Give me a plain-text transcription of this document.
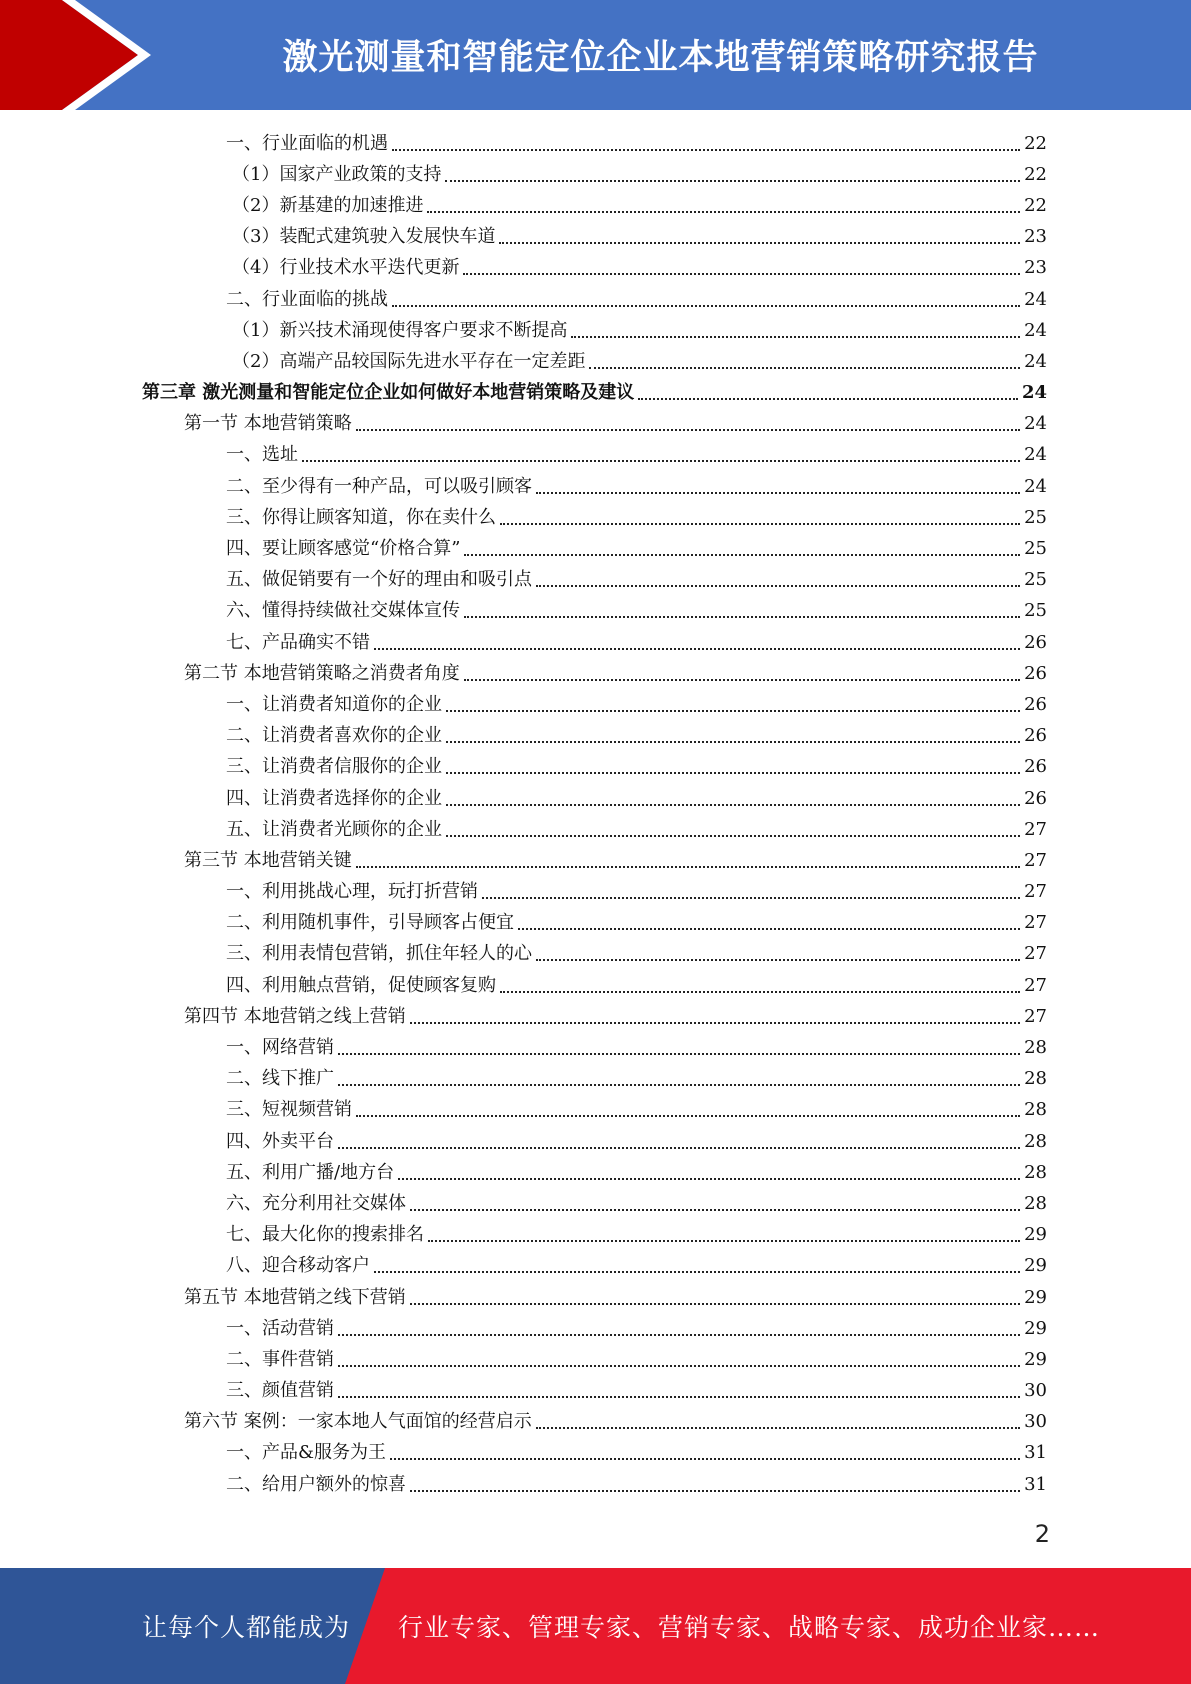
激光测量和智能定位企业本地营销策略研究报告
一、行业面临的机遇	22
（1）国家产业政策的支持	22
（2）新基建的加速推进	22
（3）装配式建筑驶入发展快车道	23
（4）行业技术水平迭代更新	23
二、行业面临的挑战	24
（1）新兴技术涌现使得客户要求不断提高	24
（2）高端产品较国际先进水平存在一定差距	24
第三章 激光测量和智能定位企业如何做好本地营销策略及建议	24
第一节 本地营销策略	24
一、选址	24
二、至少得有一种产品，可以吸引顾客	24
三、你得让顾客知道，你在卖什么	25
四、要让顾客感觉“价格合算”	25
五、做促销要有一个好的理由和吸引点	25
六、懂得持续做社交媒体宣传	25
七、产品确实不错	26
第二节 本地营销策略之消费者角度	26
一、让消费者知道你的企业	26
二、让消费者喜欢你的企业	26
三、让消费者信服你的企业	26
四、让消费者选择你的企业	26
五、让消费者光顾你的企业	27
第三节 本地营销关键	27
一、利用挑战心理，玩打折营销	27
二、利用随机事件，引导顾客占便宜	27
三、利用表情包营销，抓住年轻人的心	27
四、利用触点营销，促使顾客复购	27
第四节 本地营销之线上营销	27
一、网络营销	28
二、线下推广	28
三、短视频营销	28
四、外卖平台	28
五、利用广播/地方台	28
六、充分利用社交媒体	28
七、最大化你的搜索排名	29
八、迎合移动客户	29
第五节 本地营销之线下营销	29
一、活动营销	29
二、事件营销	29
三、颜值营销	30
第六节 案例：一家本地人气面馆的经营启示	30
一、产品&服务为王	31
二、给用户额外的惊喜	31
2
让每个人都能成为 行业专家、管理专家、营销专家、战略专家、成功企业家……
